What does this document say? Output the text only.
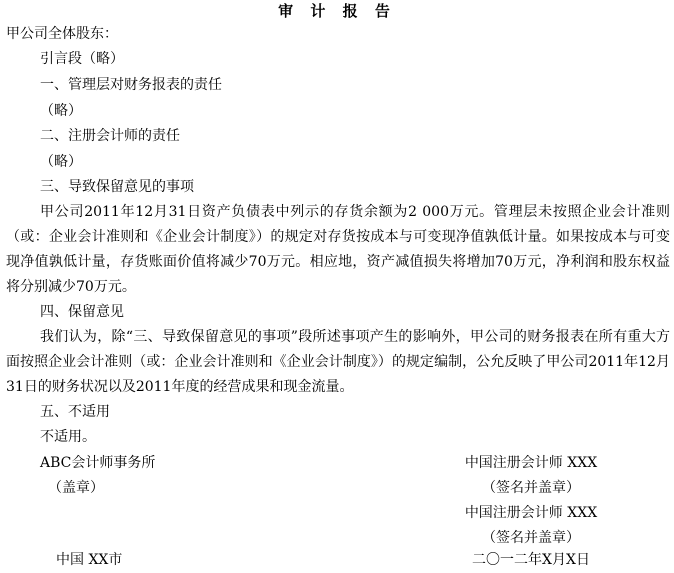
审 计 报 告
甲公司全体股东：
引言段（略）
一、管理层对财务报表的责任
（略）
二、注册会计师的责任
（略）
三、导致保留意见的事项
甲公司2011年12月31日资产负债表中列示的存货余额为2 000万元。管理层未按照企业会计准则（或：企业会计准则和《企业会计制度》）的规定对存货按成本与可变现净值孰低计量。如果按成本与可变现净值孰低计量，存货账面价值将减少70万元。相应地，资产减值损失将增加70万元，净利润和股东权益将分别减少70万元。
四、保留意见
我们认为，除“三、导致保留意见的事项”段所述事项产生的影响外，甲公司的财务报表在所有重大方面按照企业会计准则（或：企业会计准则和《企业会计制度》）的规定编制，公允反映了甲公司2011年12月31日的财务状况以及2011年度的经营成果和现金流量。
五、不适用
不适用。
ABC会计师事务所
（盖章）
中国注册会计师 XXX
（签名并盖章）
中国注册会计师 XXX
（签名并盖章）
中国 XX市	二〇一二年X月X日
